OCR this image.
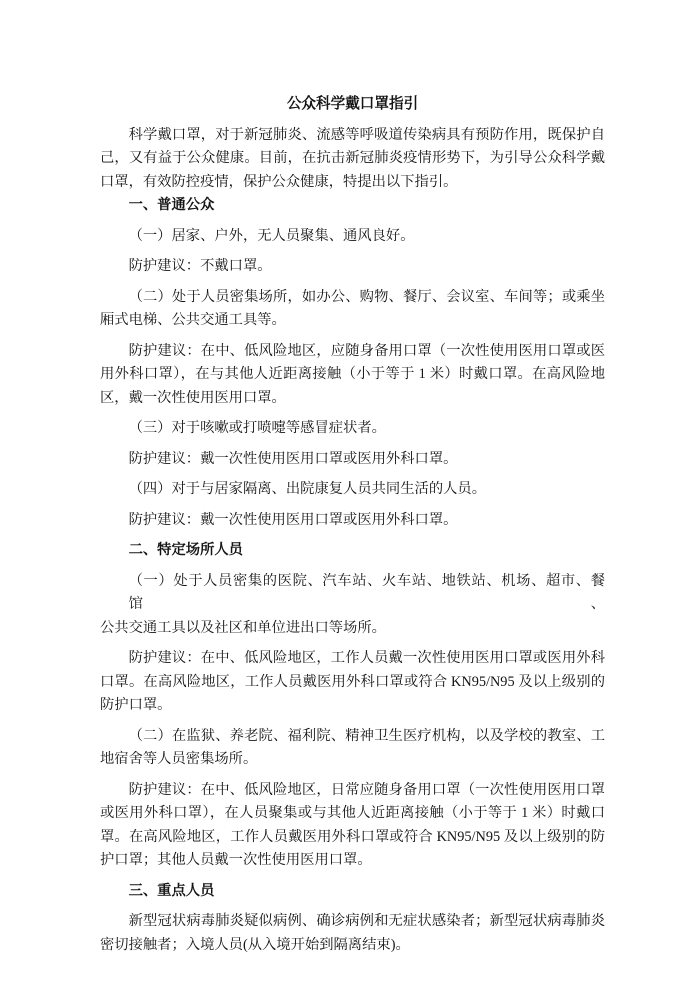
公众科学戴口罩指引
科学戴口罩，对于新冠肺炎、流感等呼吸道传染病具有预防作用，既保护自
己，又有益于公众健康。目前，在抗击新冠肺炎疫情形势下，为引导公众科学戴
口罩，有效防控疫情，保护公众健康，特提出以下指引。
一、普通公众
（一）居家、户外，无人员聚集、通风良好。
防护建议：不戴口罩。
（二）处于人员密集场所，如办公、购物、餐厅、会议室、车间等；或乘坐
厢式电梯、公共交通工具等。
防护建议：在中、低风险地区，应随身备用口罩（一次性使用医用口罩或医
用外科口罩），在与其他人近距离接触（小于等于 1 米）时戴口罩。在高风险地
区，戴一次性使用医用口罩。
（三）对于咳嗽或打喷嚏等感冒症状者。
防护建议：戴一次性使用医用口罩或医用外科口罩。
（四）对于与居家隔离、出院康复人员共同生活的人员。
防护建议：戴一次性使用医用口罩或医用外科口罩。
二、特定场所人员
（一）处于人员密集的医院、汽车站、火车站、地铁站、机场、超市、餐馆、
公共交通工具以及社区和单位进出口等场所。
防护建议：在中、低风险地区，工作人员戴一次性使用医用口罩或医用外科
口罩。在高风险地区，工作人员戴医用外科口罩或符合 KN95/N95 及以上级别的
防护口罩。
（二）在监狱、养老院、福利院、精神卫生医疗机构，以及学校的教室、工
地宿舍等人员密集场所。
防护建议：在中、低风险地区，日常应随身备用口罩（一次性使用医用口罩
或医用外科口罩），在人员聚集或与其他人近距离接触（小于等于 1 米）时戴口
罩。在高风险地区，工作人员戴医用外科口罩或符合 KN95/N95 及以上级别的防
护口罩；其他人员戴一次性使用医用口罩。
三、重点人员
新型冠状病毒肺炎疑似病例、确诊病例和无症状感染者；新型冠状病毒肺炎
密切接触者；入境人员(从入境开始到隔离结束)。
